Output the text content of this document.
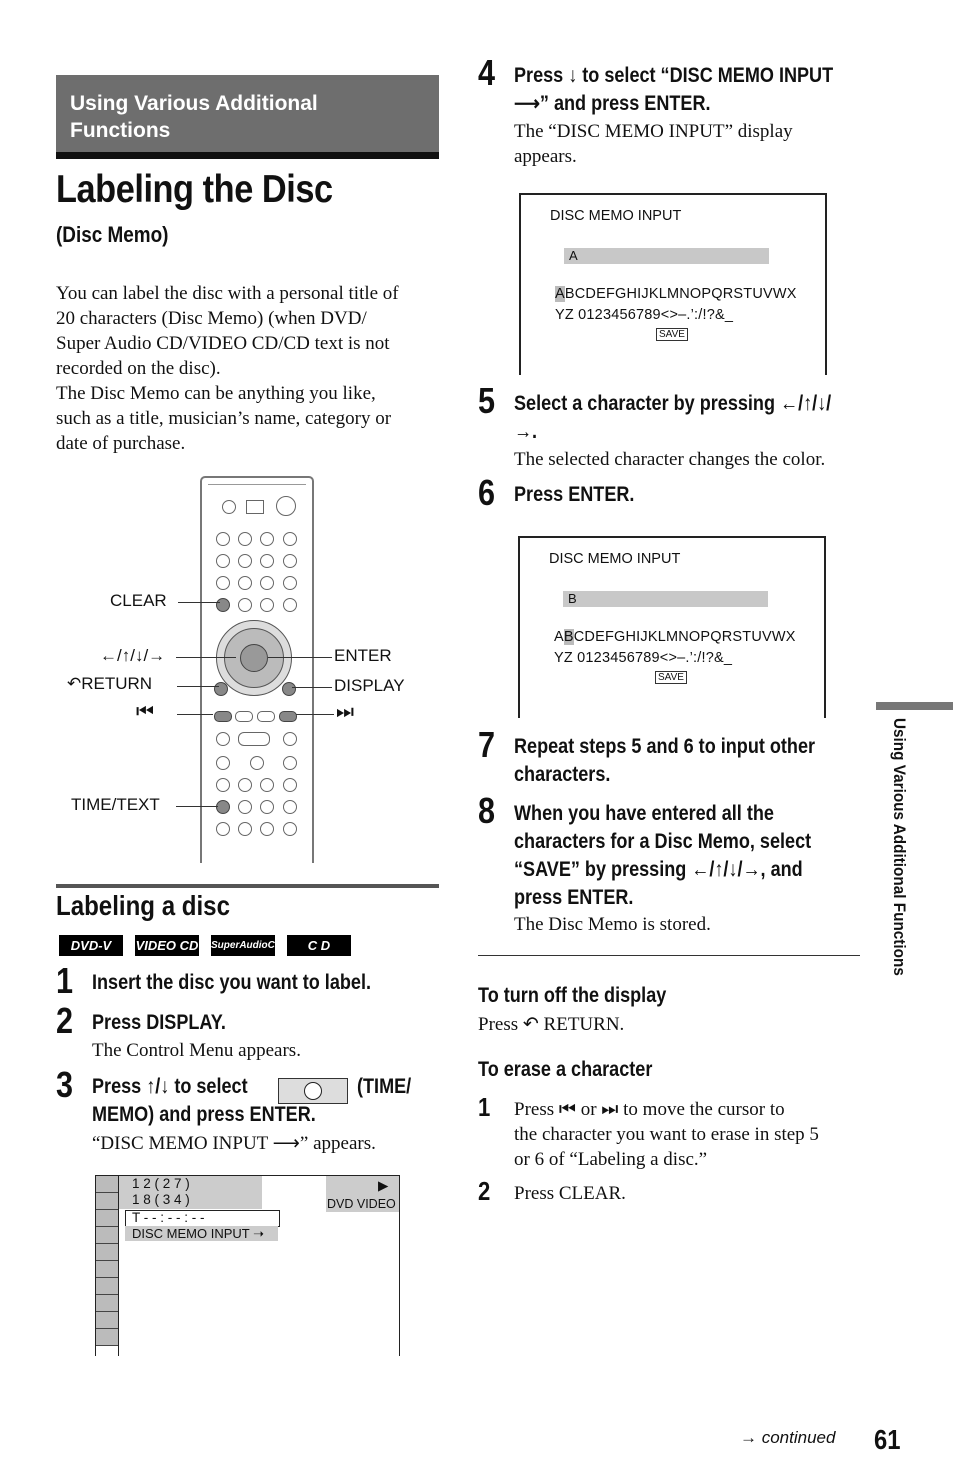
Using Various Additional Functions
Labeling the Disc
(Disc Memo)
You can label the disc with a personal title of
20 characters (Disc Memo) (when DVD/
Super Audio CD/VIDEO CD/CD text is not
recorded on the disc).
The Disc Memo can be anything you like,
such as a title, musician’s name, category or
date of purchase.
CLEAR
←/↑/↓/→
↶RETURN
⏮
TIME/TEXT
ENTER
DISPLAY
⏭
Labeling a disc
DVD-V	VIDEO CD SuperAudioCD	C D
1 Insert the disc you want to label.
2 Press DISPLAY.
The Control Menu appears.
3 Press ↑/↓ to select	(TIME/
MEMO) and press ENTER.
“DISC MEMO INPUT ⟶” appears.
1 2 ( 2 7 )
1 8 ( 3 4 )
T - - : - - : - -
DISC MEMO INPUT ➝
▶
DVD VIDEO
4 Press ↓ to select “DISC MEMO INPUT
⟶” and press ENTER.
The “DISC MEMO INPUT” display
appears.
DISC MEMO INPUT
A
ABCDEFGHIJKLMNOPQRSTUVWX
YZ 0123456789<>–.’:/!?&_
SAVE
5 Select a character by pressing ←/↑/↓/
→.
The selected character changes the color.
6 Press ENTER.
DISC MEMO INPUT
B
ABCDEFGHIJKLMNOPQRSTUVWX
YZ 0123456789<>–.’:/!?&_
SAVE
7 Repeat steps 5 and 6 to input other
characters.
8 When you have entered all the
characters for a Disc Memo, select
“SAVE” by pressing ←/↑/↓/→, and
press ENTER.
The Disc Memo is stored.
To turn off the display
Press ↶ RETURN.
To erase a character
1 Press ⏮ or ⏭ to move the cursor to
the character you want to erase in step 5
or 6 of “Labeling a disc.”
2 Press CLEAR.
Using Various Additional Functions
→ continued 61
